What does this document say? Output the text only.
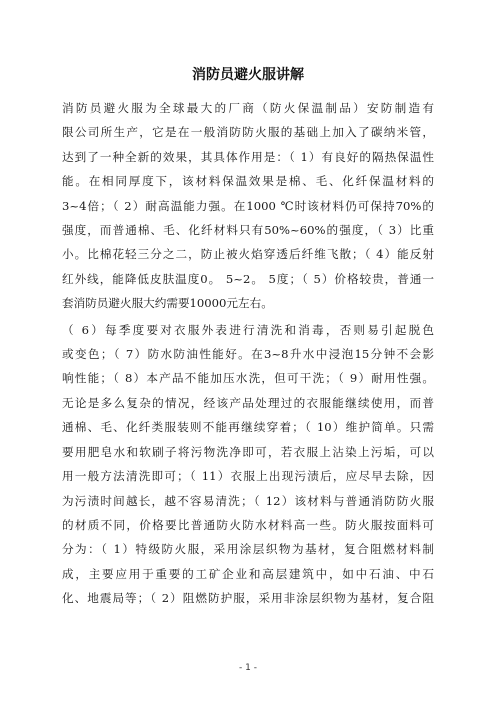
消防员避火服讲解
消防员避火服为全球最大的厂商（防火保温制品）安防制造有
限公司所生产，它是在一般消防防火服的基础上加入了碳纳米管，
达到了一种全新的效果，其具体作用是：（ 1）有良好的隔热保温性
能。在相同厚度下，该材料保温效果是棉、毛、化纤保温材料的
3~4倍；（ 2）耐高温能力强。在1000 ℃时该材料仍可保持70%的
强度，而普通棉、毛、化纤材料只有50%~60%的强度，（ 3）比重
小。比棉花轻三分之二，防止被火焰穿透后纤维飞散；（ 4）能反射
红外线，能降低皮肤温度0。 5~2。 5度；（ 5）价格较贵，普通一
套消防员避火服大约需要10000元左右。
（ 6）每季度要对衣服外表进行清洗和消毒，否则易引起脱色
或变色；（ 7）防水防油性能好。在3~8升水中浸泡15分钟不会影
响性能；（ 8）本产品不能加压水洗，但可干洗；（ 9）耐用性强。
无论是多么复杂的情况，经该产品处理过的衣服能继续使用，而普
通棉、毛、化纤类服装则不能再继续穿着；（ 10）维护简单。只需
要用肥皂水和软刷子将污物洗净即可，若衣服上沾染上污垢，可以
用一般方法清洗即可；（ 11）衣服上出现污渍后，应尽早去除，因
为污渍时间越长，越不容易清洗；（ 12）该材料与普通消防防火服
的材质不同，价格要比普通防火防水材料高一些。防火服按面料可
分为：（ 1）特级防火服，采用涂层织物为基材，复合阻燃材料制
成，主要应用于重要的工矿企业和高层建筑中，如中石油、中石
化、地震局等；（ 2）阻燃防护服，采用非涂层织物为基材，复合阻
- 1 -
